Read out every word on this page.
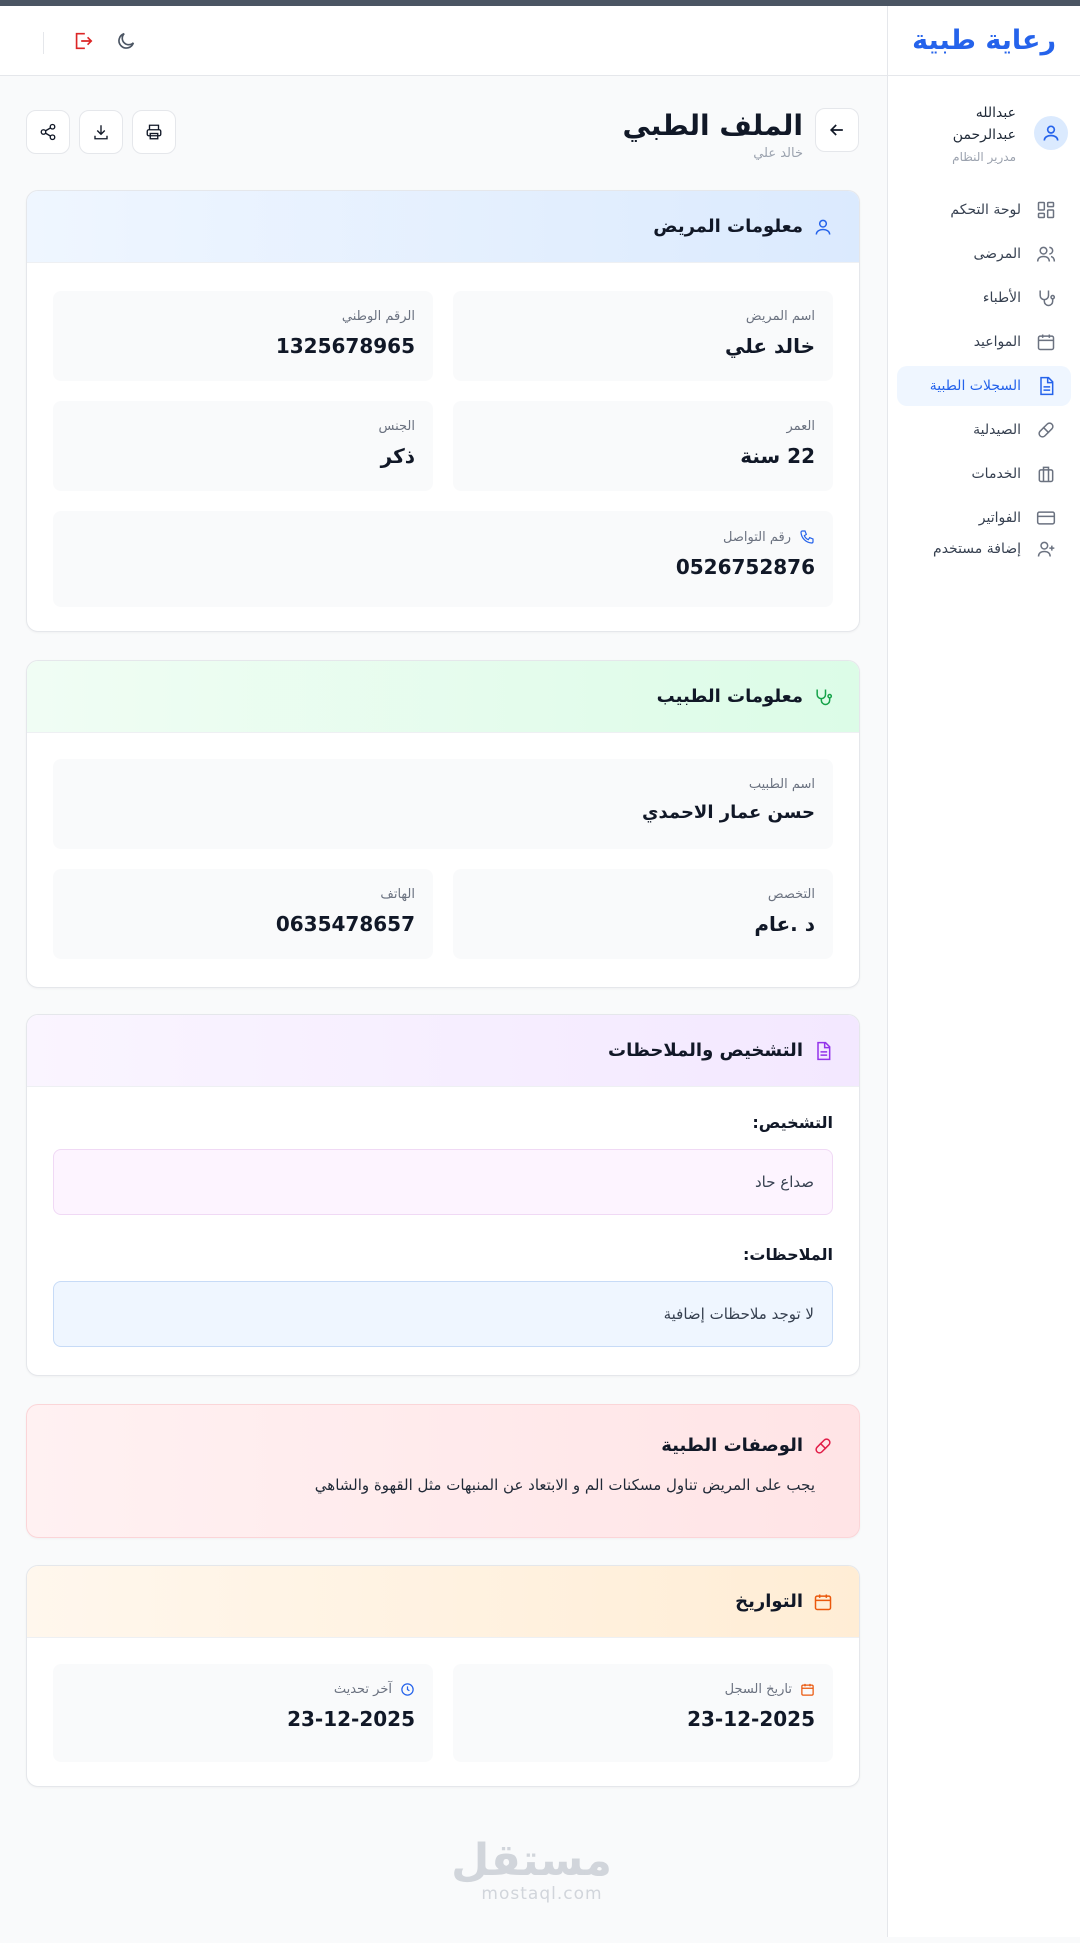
رعاية طبية
عبدالله عبدالرحمن
مدرير النظام
لوحة التحكم
المرضى
الأطباء
المواعيد
السجلات الطبية
الصيدلية
الخدمات
الفواتير
إضافة مستخدم
الملف الطبي
خالد علي
معلومات المريض
اسم المريض
خالد علي
الرقم الوطني
1325678965
العمر
22 سنة
الجنس
ذكر
رقم التواصل
0526752876
معلومات الطبيب
اسم الطبيب
حسن عمار الاحمدي
التخصص
د .عام
الهاتف
0635478657
التشخيص والملاحظات
التشخيص:
صداع حاد
الملاحظات:
لا توجد ملاحظات إضافية
الوصفات الطبية
يجب على المريض تناول مسكنات الم و الابتعاد عن المنبهات مثل القهوة والشاهي
التواريخ
تاريخ السجل
23-12-2025
آخر تحديث
23-12-2025
مستقل
mostaql.com
